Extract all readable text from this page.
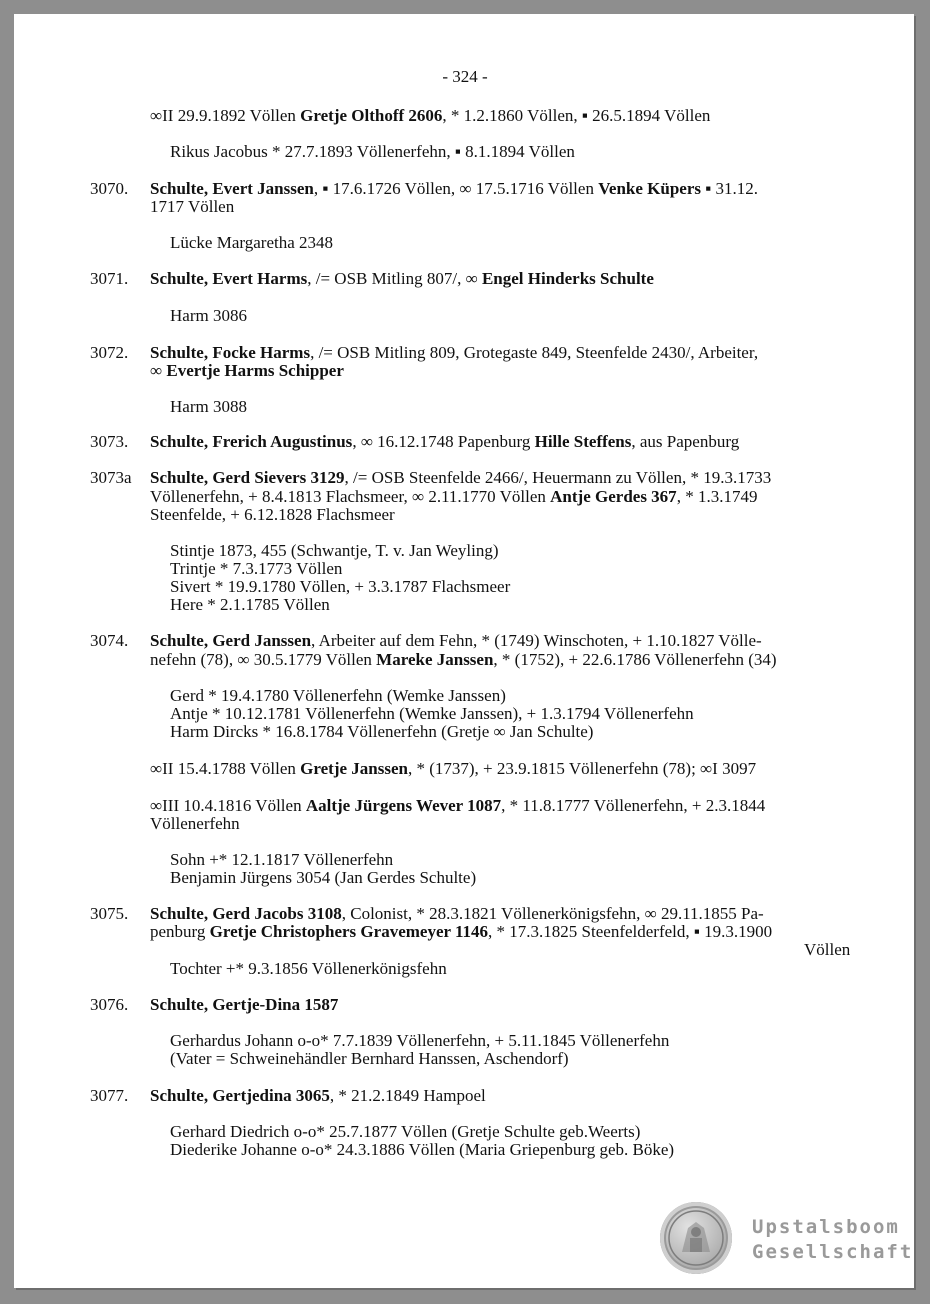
- 324 -
∞II 29.9.1892 Völlen Gretje Olthoff 2606, * 1.2.1860 Völlen, ▪ 26.5.1894 Völlen
Rikus Jacobus * 27.7.1893 Völlenerfehn, ▪ 8.1.1894 Völlen
3070. Schulte, Evert Janssen, ▪ 17.6.1726 Völlen, ∞ 17.5.1716 Völlen Venke Küpers ▪ 31.12.
1717 Völlen
Lücke Margaretha 2348
3071. Schulte, Evert Harms, /= OSB Mitling 807/, ∞ Engel Hinderks Schulte
Harm 3086
3072. Schulte, Focke Harms, /= OSB Mitling 809, Grotegaste 849, Steenfelde 2430/, Arbeiter,
∞ Evertje Harms Schipper
Harm 3088
3073. Schulte, Frerich Augustinus, ∞ 16.12.1748 Papenburg Hille Steffens, aus Papenburg
3073a Schulte, Gerd Sievers 3129, /= OSB Steenfelde 2466/, Heuermann zu Völlen, * 19.3.1733
Völlenerfehn, + 8.4.1813 Flachsmeer, ∞ 2.11.1770 Völlen Antje Gerdes 367, * 1.3.1749
Steenfelde, + 6.12.1828 Flachsmeer
Stintje 1873, 455 (Schwantje, T. v. Jan Weyling)
Trintje * 7.3.1773 Völlen
Sivert * 19.9.1780 Völlen, + 3.3.1787 Flachsmeer
Here * 2.1.1785 Völlen
3074. Schulte, Gerd Janssen, Arbeiter auf dem Fehn, * (1749) Winschoten, + 1.10.1827 Völle-
nefehn (78), ∞ 30.5.1779 Völlen Mareke Janssen, * (1752), + 22.6.1786 Völlenerfehn (34)
Gerd * 19.4.1780 Völlenerfehn (Wemke Janssen)
Antje * 10.12.1781 Völlenerfehn (Wemke Janssen), + 1.3.1794 Völlenerfehn
Harm Dircks * 16.8.1784 Völlenerfehn (Gretje ∞ Jan Schulte)
∞II 15.4.1788 Völlen Gretje Janssen, * (1737), + 23.9.1815 Völlenerfehn (78); ∞I 3097
∞III 10.4.1816 Völlen Aaltje Jürgens Wever 1087, * 11.8.1777 Völlenerfehn, + 2.3.1844
Völlenerfehn
Sohn +* 12.1.1817 Völlenerfehn
Benjamin Jürgens 3054 (Jan Gerdes Schulte)
3075. Schulte, Gerd Jacobs 3108, Colonist, * 28.3.1821 Völlenerkönigsfehn, ∞ 29.11.1855 Pa-
penburg Gretje Christophers Gravemeyer 1146, * 17.3.1825 Steenfelderfeld, ▪ 19.3.1900
Völlen
Tochter +* 9.3.1856 Völlenerkönigsfehn
3076. Schulte, Gertje-Dina 1587
Gerhardus Johann o-o* 7.7.1839 Völlenerfehn, + 5.11.1845 Völlenerfehn
(Vater = Schweinehändler Bernhard Hanssen, Aschendorf)
3077. Schulte, Gertjedina 3065, * 21.2.1849 Hampoel
Gerhard Diedrich o-o* 25.7.1877 Völlen (Gretje Schulte geb.Weerts)
Diederike Johanne o-o* 24.3.1886 Völlen (Maria Griepenburg geb. Böke)
Upstalsboom
Gesellschaft
